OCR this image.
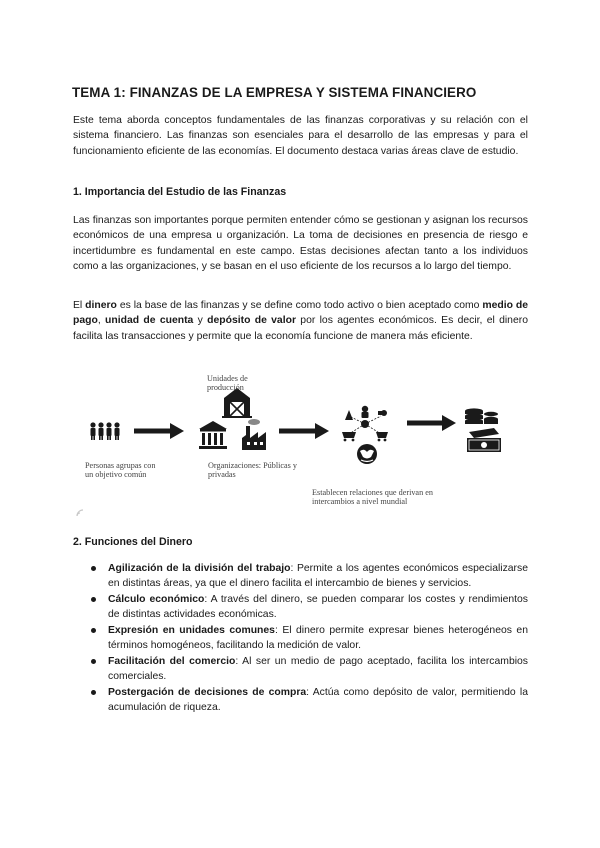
TEMA 1: FINANZAS DE LA EMPRESA Y SISTEMA FINANCIERO
Este tema aborda conceptos fundamentales de las finanzas corporativas y su relación con el sistema financiero. Las finanzas son esenciales para el desarrollo de las empresas y para el funcionamiento eficiente de las economías. El documento destaca varias áreas clave de estudio.
1. Importancia del Estudio de las Finanzas
Las finanzas son importantes porque permiten entender cómo se gestionan y asignan los recursos económicos de una empresa u organización. La toma de decisiones en presencia de riesgo e incertidumbre es fundamental en este campo. Estas decisiones afectan tanto a los individuos como a las organizaciones, y se basan en el uso eficiente de los recursos a lo largo del tiempo.
El dinero es la base de las finanzas y se define como todo activo o bien aceptado como medio de pago, unidad de cuenta y depósito de valor por los agentes económicos. Es decir, el dinero facilita las transacciones y permite que la economía funcione de manera más eficiente.
Unidades de producción
Personas agrupas con un objetivo común
Organizaciones: Públicas y privadas
Establecen relaciones que derivan en intercambios a nivel mundial
2. Funciones del Dinero
Agilización de la división del trabajo: Permite a los agentes económicos especializarse en distintas áreas, ya que el dinero facilita el intercambio de bienes y servicios.
Cálculo económico: A través del dinero, se pueden comparar los costes y rendimientos de distintas actividades económicas.
Expresión en unidades comunes: El dinero permite expresar bienes heterogéneos en términos homogéneos, facilitando la medición de valor.
Facilitación del comercio: Al ser un medio de pago aceptado, facilita los intercambios comerciales.
Postergación de decisiones de compra: Actúa como depósito de valor, permitiendo la acumulación de riqueza.
